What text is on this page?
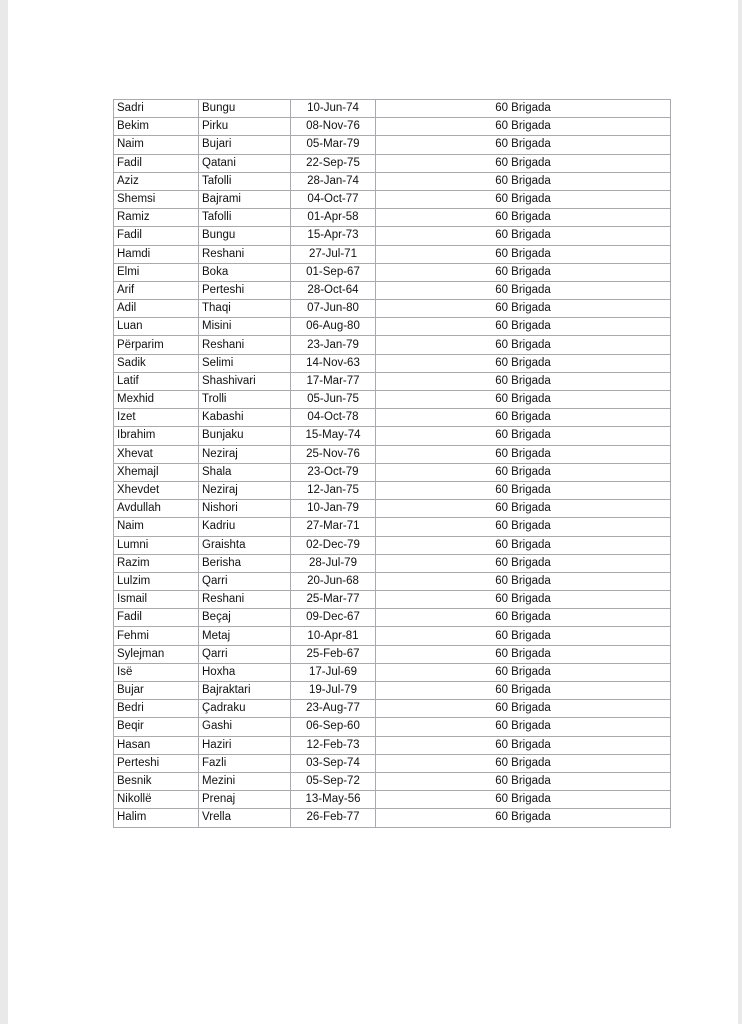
Sadri	Bungu	10-Jun-74	60 Brigada
Bekim	Pirku	08-Nov-76	60 Brigada
Naim	Bujari	05-Mar-79	60 Brigada
Fadil	Qatani	22-Sep-75	60 Brigada
Aziz	Tafolli	28-Jan-74	60 Brigada
Shemsi	Bajrami	04-Oct-77	60 Brigada
Ramiz	Tafolli	01-Apr-58	60 Brigada
Fadil	Bungu	15-Apr-73	60 Brigada
Hamdi	Reshani	27-Jul-71	60 Brigada
Elmi	Boka	01-Sep-67	60 Brigada
Arif	Perteshi	28-Oct-64	60 Brigada
Adil	Thaqi	07-Jun-80	60 Brigada
Luan	Misini	06-Aug-80	60 Brigada
Përparim	Reshani	23-Jan-79	60 Brigada
Sadik	Selimi	14-Nov-63	60 Brigada
Latif	Shashivari	17-Mar-77	60 Brigada
Mexhid	Trolli	05-Jun-75	60 Brigada
Izet	Kabashi	04-Oct-78	60 Brigada
Ibrahim	Bunjaku	15-May-74	60 Brigada
Xhevat	Neziraj	25-Nov-76	60 Brigada
Xhemajl	Shala	23-Oct-79	60 Brigada
Xhevdet	Neziraj	12-Jan-75	60 Brigada
Avdullah	Nishori	10-Jan-79	60 Brigada
Naim	Kadriu	27-Mar-71	60 Brigada
Lumni	Graishta	02-Dec-79	60 Brigada
Razim	Berisha	28-Jul-79	60 Brigada
Lulzim	Qarri	20-Jun-68	60 Brigada
Ismail	Reshani	25-Mar-77	60 Brigada
Fadil	Beçaj	09-Dec-67	60 Brigada
Fehmi	Metaj	10-Apr-81	60 Brigada
Sylejman	Qarri	25-Feb-67	60 Brigada
Isë	Hoxha	17-Jul-69	60 Brigada
Bujar	Bajraktari	19-Jul-79	60 Brigada
Bedri	Çadraku	23-Aug-77	60 Brigada
Beqir	Gashi	06-Sep-60	60 Brigada
Hasan	Haziri	12-Feb-73	60 Brigada
Perteshi	Fazli	03-Sep-74	60 Brigada
Besnik	Mezini	05-Sep-72	60 Brigada
Nikollë	Prenaj	13-May-56	60 Brigada
Halim	Vrella	26-Feb-77	60 Brigada
